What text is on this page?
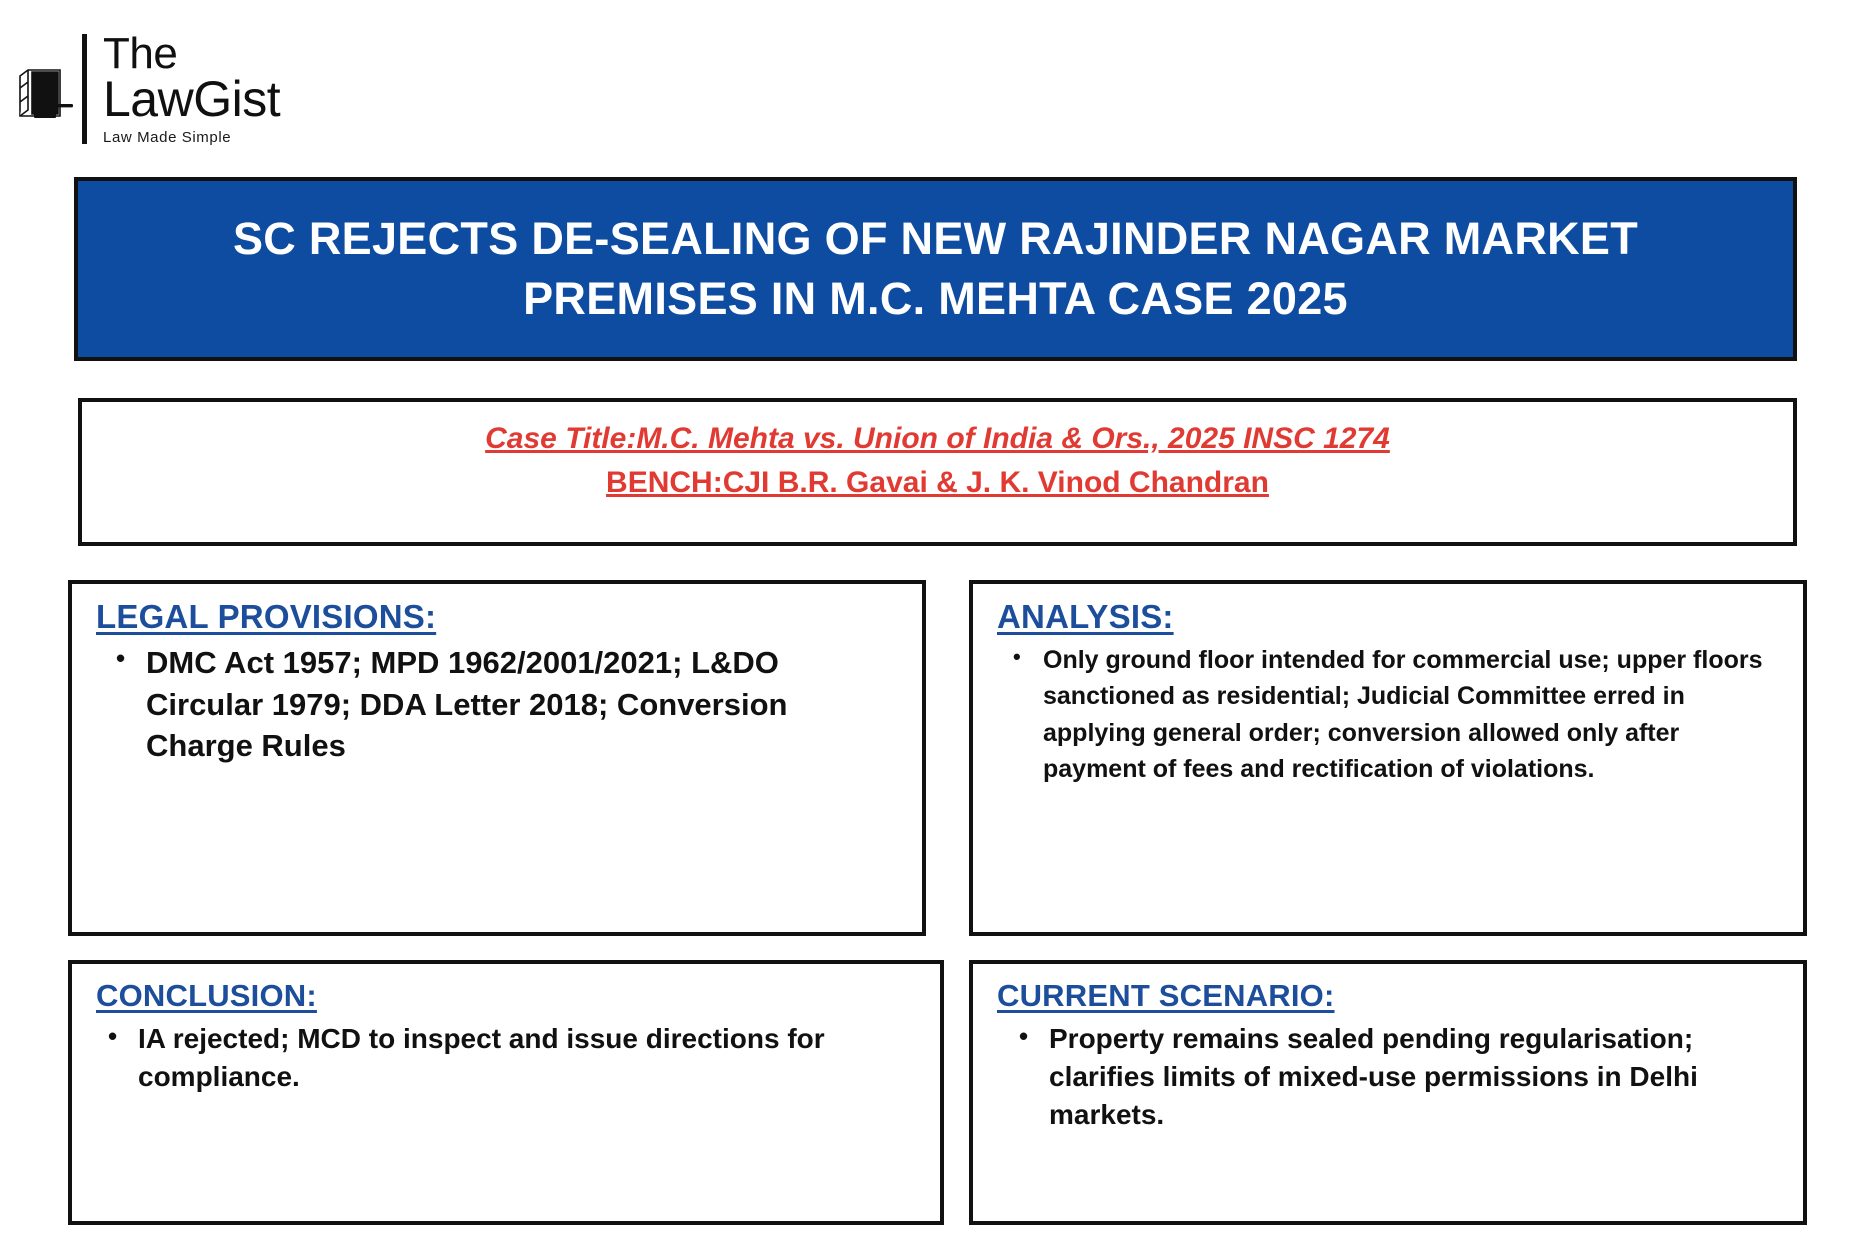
The
LawGist
Law Made Simple
SC REJECTS DE-SEALING OF NEW RAJINDER NAGAR MARKET
PREMISES IN M.C. MEHTA CASE 2025
Case Title:M.C. Mehta vs. Union of India & Ors., 2025 INSC 1274
BENCH:CJI B.R. Gavai & J. K. Vinod Chandran
LEGAL PROVISIONS:
• DMC Act 1957; MPD 1962/2001/2021; L&DO Circular 1979; DDA Letter 2018; Conversion Charge Rules
ANALYSIS:
• Only ground floor intended for commercial use; upper floors sanctioned as residential; Judicial Committee erred in applying general order; conversion allowed only after payment of fees and rectification of violations.
CONCLUSION:
• IA rejected; MCD to inspect and issue directions for compliance.
CURRENT SCENARIO:
• Property remains sealed pending regularisation; clarifies limits of mixed-use permissions in Delhi markets.
